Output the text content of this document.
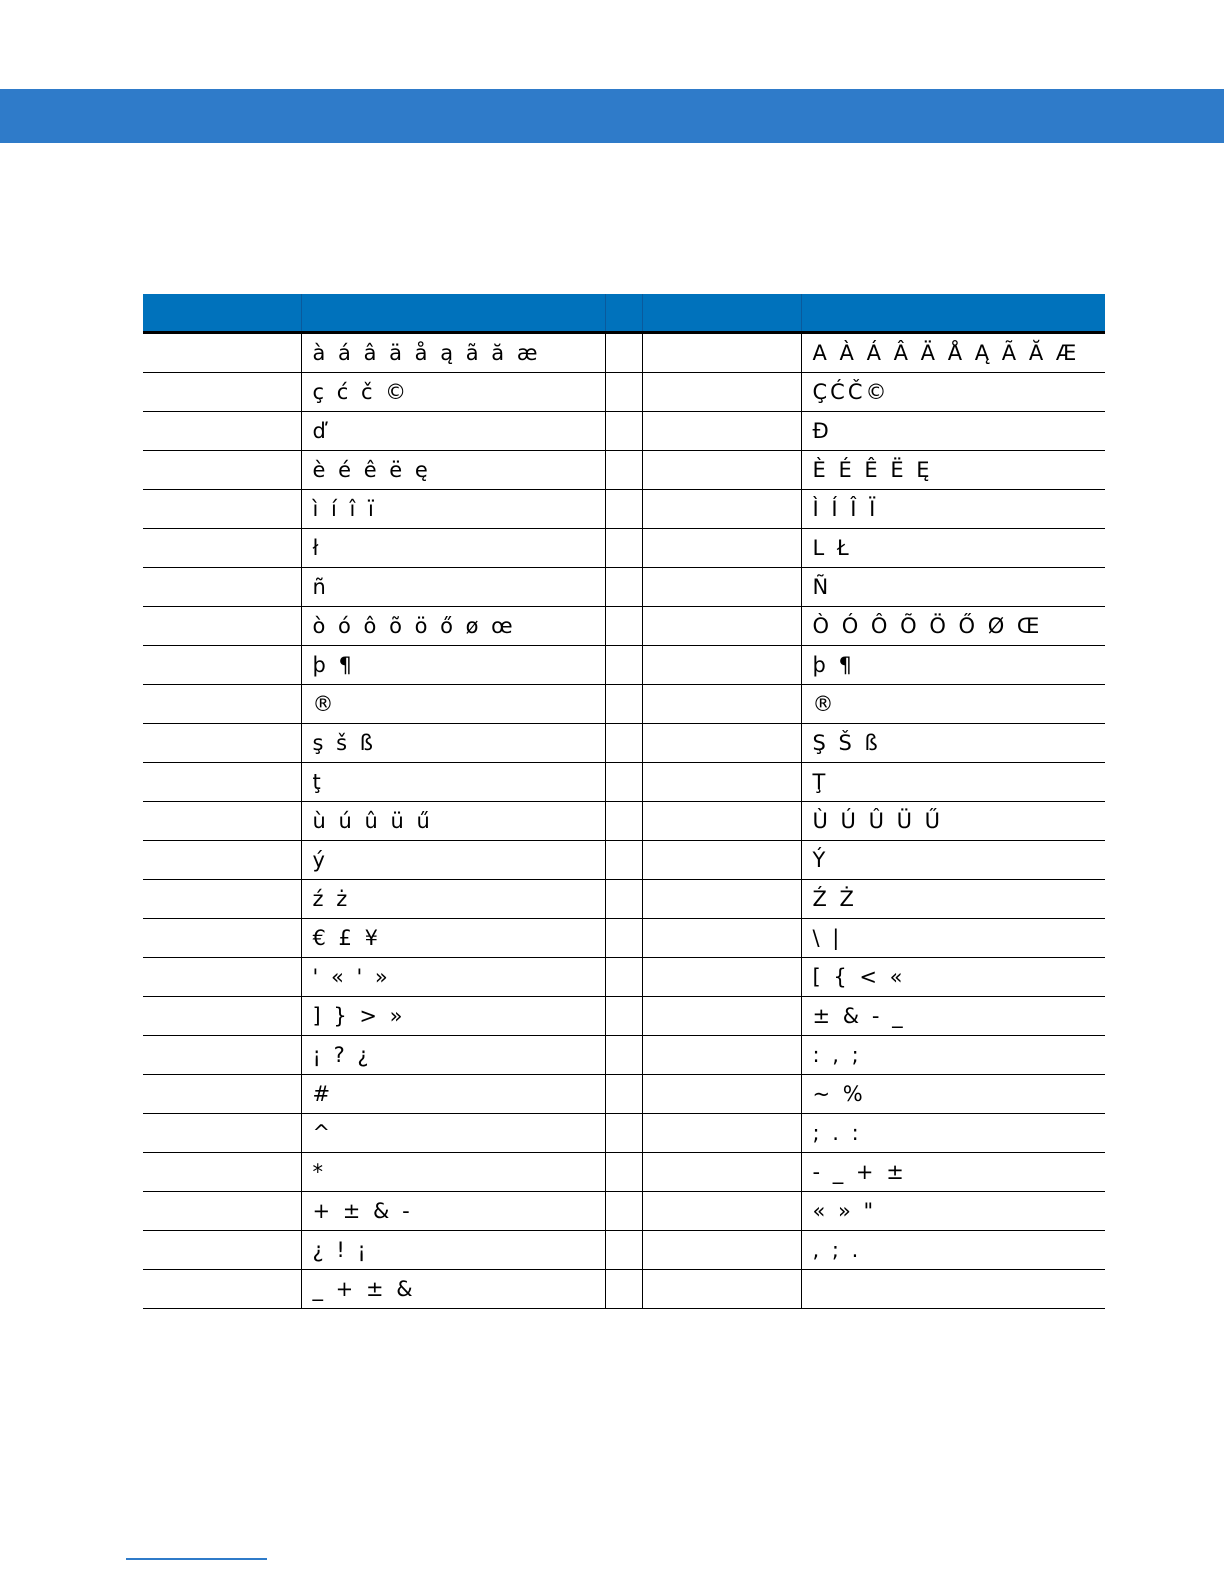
	à á â ä å ą ã ă æ			A À Á Â Ä Å Ą Ã Ă Æ
	ç ć č ©			ÇĆČ©
	ď			Đ
	è é ê ë ę			È É Ê Ë Ę
	ì í î ï			Ì Í Î Ï
	ł			L Ł
	ñ			Ñ
	ò ó ô õ ö ő ø œ			Ò Ó Ô Õ Ö Ő Ø Œ
	þ ¶			þ ¶
	®			®
	ş š ß			Ş Š ß
	ţ			Ţ
	ù ú û ü ű			Ù Ú Û Ü Ű
	ý			Ý
	ź ż			Ź Ż
	€ £ ¥			\ |
	' « ' »			[ { < «
	] } > »			± & - _
	¡ ? ¿			: , ;
	#			~ %
	^			; . :
	*			- _ + ±
	+ ± & -			« » "
	¿ ! ¡			, ; .
	_ + ± &			
